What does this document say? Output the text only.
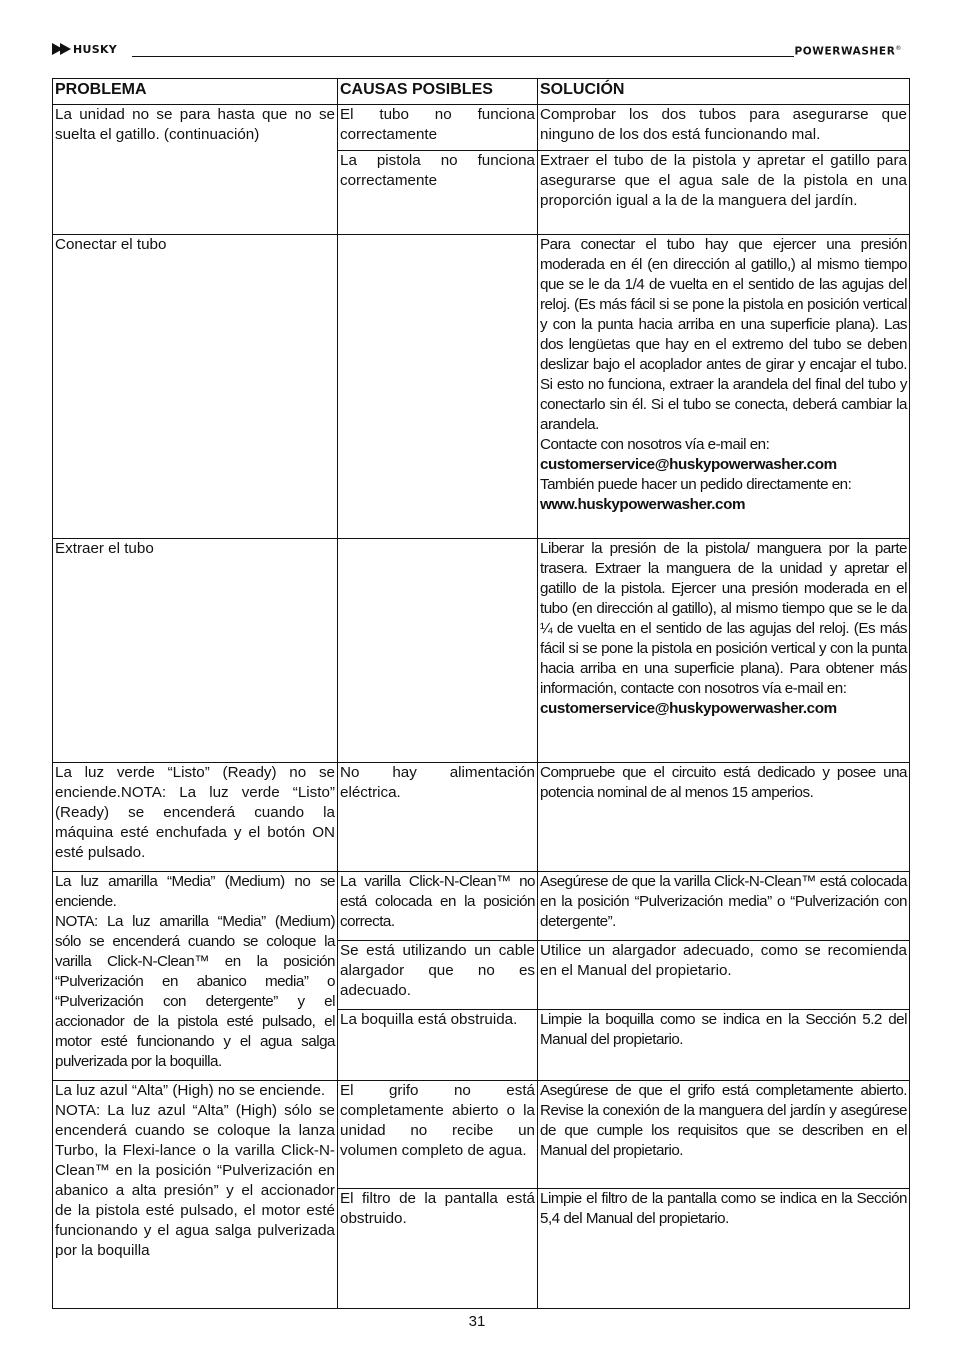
HUSKY	POWERWASHER®
PROBLEMA	CAUSAS POSIBLES	SOLUCIÓN
La unidad no se para hasta que no se suelta el gatillo. (continuación)	El tubo no funciona correctamente	Comprobar los dos tubos para asegurarse que ninguno de los dos está funcionando mal.
	La pistola no funciona correctamente	Extraer el tubo de la pistola y apretar el gatillo para asegurarse que el agua sale de la pistola en una proporción igual a la de la manguera del jardín.
Conectar el tubo		Para conectar el tubo hay que ejercer una presión moderada en él (en dirección al gatillo,) al mismo tiempo que se le da 1/4 de vuelta en el sentido de las agujas del reloj. (Es más fácil si se pone la pistola en posición vertical y con la punta hacia arriba en una superficie plana). Las dos lengüetas que hay en el extremo del tubo se deben deslizar bajo el acoplador antes de girar y encajar el tubo. Si esto no funciona, extraer la arandela del final del tubo y conectarlo sin él. Si el tubo se conecta, deberá cambiar la arandela.
Contacte con nosotros vía e-mail en:
customerservice@huskypowerwasher.com
También puede hacer un pedido directamente en:
www.huskypowerwasher.com

Extraer el tubo		Liberar la presión de la pistola/ manguera por la parte trasera. Extraer la manguera de la unidad y apretar el gatillo de la pistola. Ejercer una presión moderada en el tubo (en dirección al gatillo), al mismo tiempo que se le da ¼ de vuelta en el sentido de las agujas del reloj. (Es más fácil si se pone la pistola en posición vertical y con la punta hacia arriba en una superficie plana). Para obtener más información, contacte con nosotros vía e-mail en:
customerservice@huskypowerwasher.com

La luz verde “Listo” (Ready) no se enciende.NOTA: La luz verde “Listo” (Ready) se encenderá cuando la máquina esté enchufada y el botón ON esté pulsado.	No hay alimentación eléctrica.	Compruebe que el circuito está dedicado y posee una potencia nominal de al menos 15 amperios.
La luz amarilla “Media” (Medium) no se enciende.
NOTA: La luz amarilla “Media” (Medium) sólo se encenderá cuando se coloque la varilla Click-N-Clean™ en la posición “Pulverización en abanico media” o “Pulverización con detergente” y el accionador de la pistola esté pulsado, el motor esté funcionando y el agua salga pulverizada por la boquilla.	La varilla Click-N-Clean™ no está colocada en la posición correcta.	Asegúrese de que la varilla Click-N-Clean™ está colocada en la posición “Pulverización media” o “Pulverización con detergente”.
	Se está utilizando un cable alargador que no es adecuado.	Utilice un alargador adecuado, como se recomienda en el Manual del propietario.
	La boquilla está obstruida.	Limpie la boquilla como se indica en la Sección 5.2 del Manual del propietario.
La luz azul “Alta” (High) no se enciende.
NOTA: La luz azul “Alta” (High) sólo se encenderá cuando se coloque la lanza Turbo, la Flexi-lance o la varilla Click-N-Clean™ en la posición “Pulverización en abanico a alta presión” y el accionador de la pistola esté pulsado, el motor esté funcionando y el agua salga pulverizada por la boquilla	El grifo no está completamente abierto o la unidad no recibe un volumen completo de agua.	Asegúrese de que el grifo está completamente abierto. Revise la conexión de la manguera del jardín y asegúrese de que cumple los requisitos que se describen en el Manual del propietario.
	El filtro de la pantalla está obstruido.	Limpie el filtro de la pantalla como se indica en la Sección 5,4 del Manual del propietario.
31
